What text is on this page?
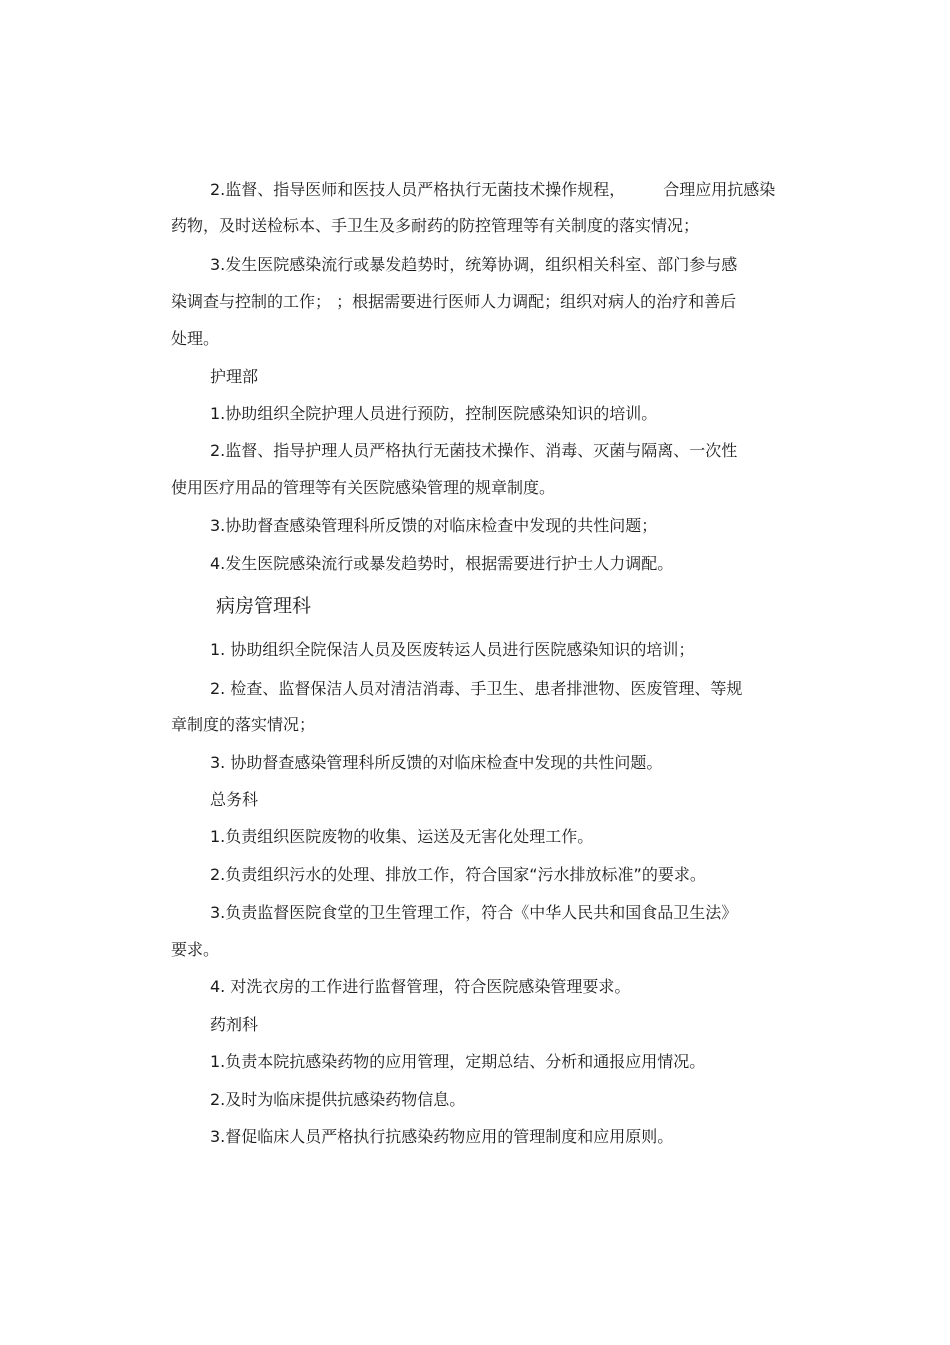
2.监督、指导医师和医技人员严格执行无菌技术操作规程， 合理应用抗感染
药物，及时送检标本、手卫生及多耐药的防控管理等有关制度的落实情况；
3.发生医院感染流行或暴发趋势时，统筹协调，组织相关科室、部门参与感
染调查与控制的工作； ；根据需要进行医师人力调配；组织对病人的治疗和善后
处理。
护理部
1.协助组织全院护理人员进行预防，控制医院感染知识的培训。
2.监督、指导护理人员严格执行无菌技术操作、消毒、灭菌与隔离、一次性
使用医疗用品的管理等有关医院感染管理的规章制度。
3.协助督查感染管理科所反馈的对临床检查中发现的共性问题；
4.发生医院感染流行或暴发趋势时，根据需要进行护士人力调配。
病房管理科
1. 协助组织全院保洁人员及医废转运人员进行医院感染知识的培训；
2. 检查、监督保洁人员对清洁消毒、手卫生、患者排泄物、医废管理、等规
章制度的落实情况；
3. 协助督查感染管理科所反馈的对临床检查中发现的共性问题。
总务科
1.负责组织医院废物的收集、运送及无害化处理工作。
2.负责组织污水的处理、排放工作，符合国家“污水排放标准”的要求。
3.负责监督医院食堂的卫生管理工作，符合《中华人民共和国食品卫生法》
要求。
4. 对洗衣房的工作进行监督管理，符合医院感染管理要求。
药剂科
1.负责本院抗感染药物的应用管理，定期总结、分析和通报应用情况。
2.及时为临床提供抗感染药物信息。
3.督促临床人员严格执行抗感染药物应用的管理制度和应用原则。
